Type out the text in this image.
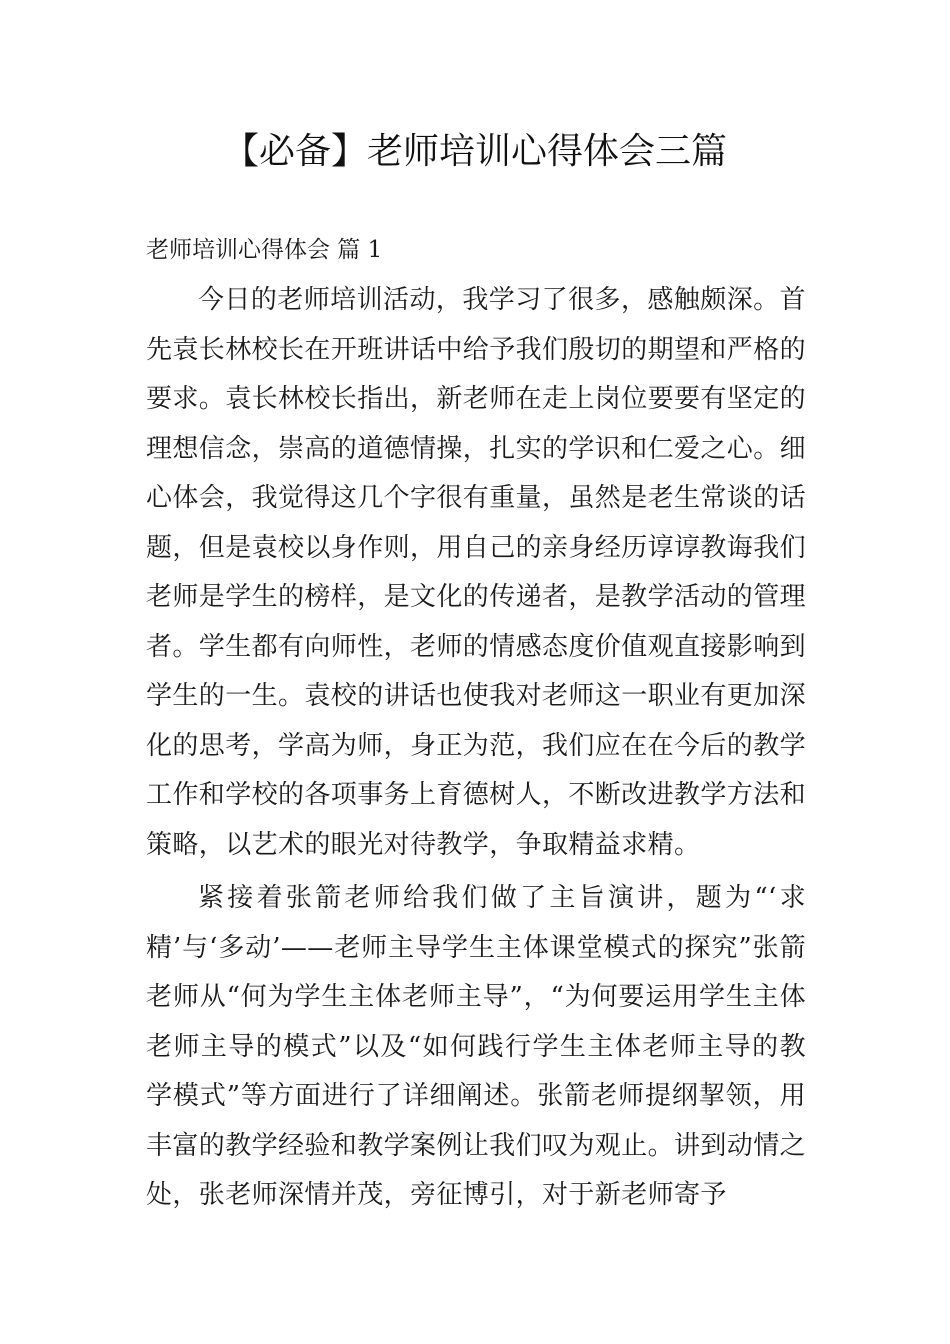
【必备】老师培训心得体会三篇

老师培训心得体会 篇 1

今日的老师培训活动，我学习了很多，感触颇深。首先袁长林校长在开班讲话中给予我们殷切的期望和严格的要求。袁长林校长指出，新老师在走上岗位要要有坚定的理想信念，崇高的道德情操，扎实的学识和仁爱之心。细心体会，我觉得这几个字很有重量，虽然是老生常谈的话题，但是袁校以身作则，用自己的亲身经历谆谆教诲我们老师是学生的榜样，是文化的传递者，是教学活动的管理者。学生都有向师性，老师的情感态度价值观直接影响到学生的一生。袁校的讲话也使我对老师这一职业有更加深化的思考，学高为师，身正为范，我们应在在今后的教学工作和学校的各项事务上育德树人，不断改进教学方法和策略，以艺术的眼光对待教学，争取精益求精。

紧接着张箭老师给我们做了主旨演讲，题为“‘求精’与‘多动’——老师主导学生主体课堂模式的探究”张箭老师从“何为学生主体老师主导”，“为何要运用学生主体老师主导的模式”以及“如何践行学生主体老师主导的教学模式”等方面进行了详细阐述。张箭老师提纲挈领，用丰富的教学经验和教学案例让我们叹为观止。讲到动情之处，张老师深情并茂，旁征博引，对于新老师寄予
